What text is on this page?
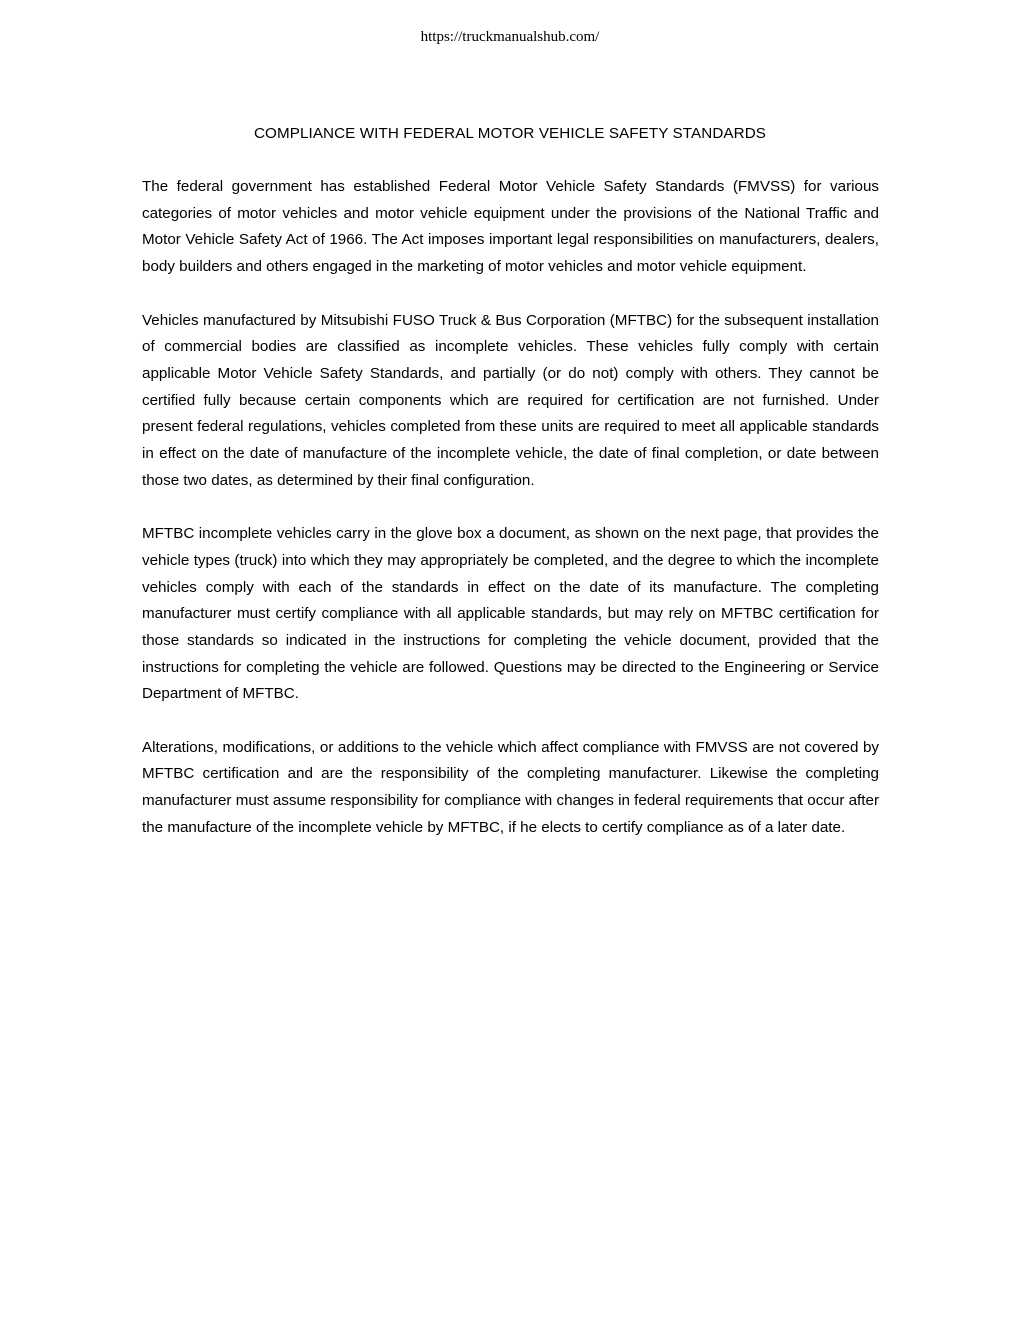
https://truckmanualshub.com/
COMPLIANCE WITH FEDERAL MOTOR VEHICLE SAFETY STANDARDS

The federal government has established Federal Motor Vehicle Safety Standards (FMVSS) for various categories of motor vehicles and motor vehicle equipment under the provisions of the National Traffic and Motor Vehicle Safety Act of 1966. The Act imposes important legal responsibilities on manufacturers, dealers, body builders and others engaged in the marketing of motor vehicles and motor vehicle equipment.

Vehicles manufactured by Mitsubishi FUSO Truck & Bus Corporation (MFTBC) for the subsequent installation of commercial bodies are classified as incomplete vehicles. These vehicles fully comply with certain applicable Motor Vehicle Safety Standards, and partially (or do not) comply with others. They cannot be certified fully because certain components which are required for certification are not furnished. Under present federal regulations, vehicles completed from these units are required to meet all applicable standards in effect on the date of manufacture of the incomplete vehicle, the date of final completion, or date between those two dates, as determined by their final configuration.

MFTBC incomplete vehicles carry in the glove box a document, as shown on the next page, that provides the vehicle types (truck) into which they may appropriately be completed, and the degree to which the incomplete vehicles comply with each of the standards in effect on the date of its manufacture. The completing manufacturer must certify compliance with all applicable standards, but may rely on MFTBC certification for those standards so indicated in the instructions for completing the vehicle document, provided that the instructions for completing the vehicle are followed. Questions may be directed to the Engineering or Service Department of MFTBC.

Alterations, modifications, or additions to the vehicle which affect compliance with FMVSS are not covered by MFTBC certification and are the responsibility of the completing manufacturer. Likewise the completing manufacturer must assume responsibility for compliance with changes in federal requirements that occur after the manufacture of the incomplete vehicle by MFTBC, if he elects to certify compliance as of a later date.
